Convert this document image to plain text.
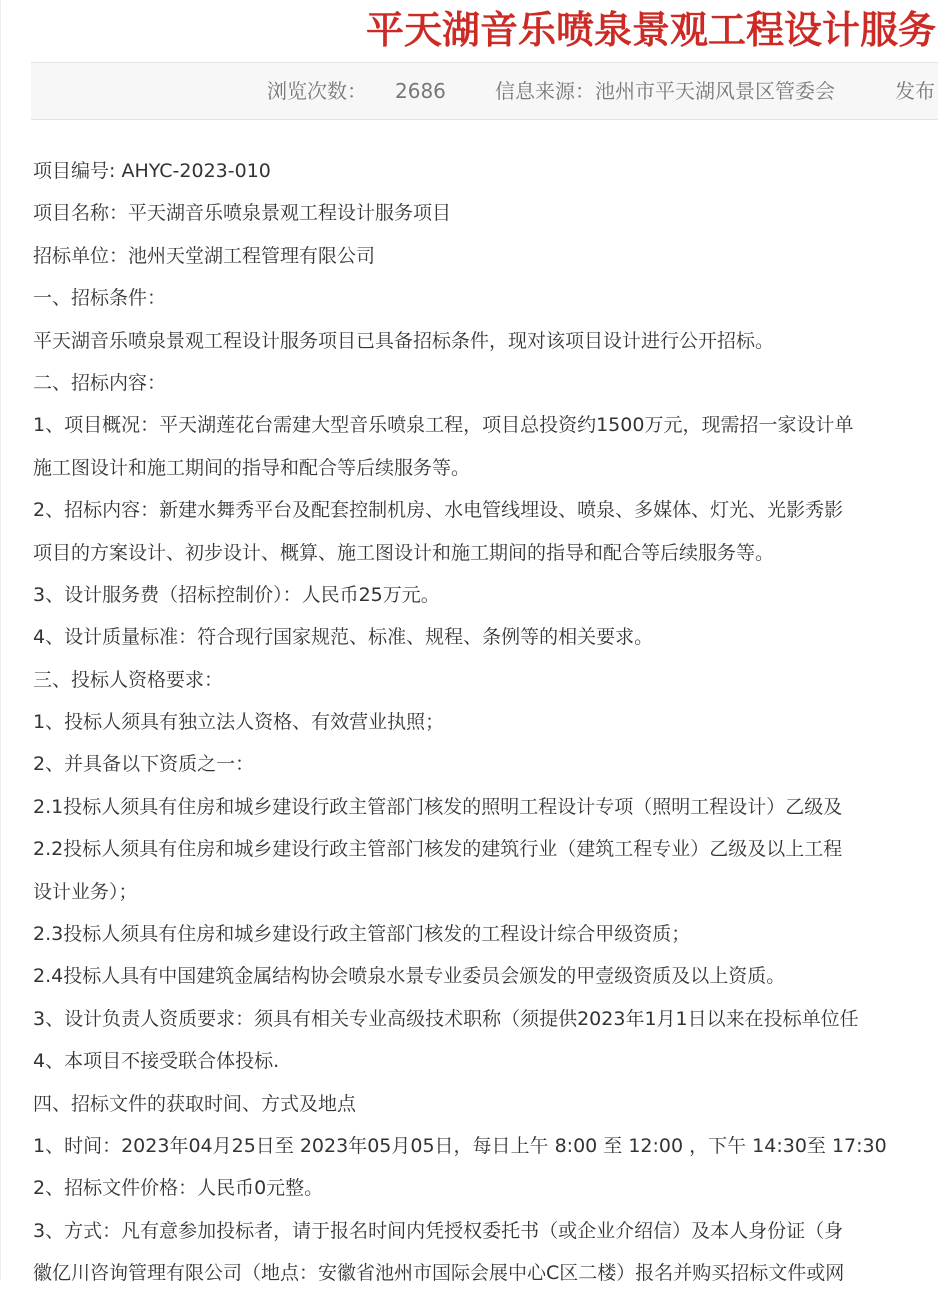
平天湖音乐喷泉景观工程设计服务
浏览次数： 2686 信息来源：池州市平天湖风景区管委会	发布
项目编号: AHYC-2023-010
项目名称：平天湖音乐喷泉景观工程设计服务项目
招标单位：池州天堂湖工程管理有限公司
一、招标条件：
平天湖音乐喷泉景观工程设计服务项目已具备招标条件，现对该项目设计进行公开招标。
二、招标内容：
1、项目概况：平天湖莲花台需建大型音乐喷泉工程，项目总投资约1500万元，现需招一家设计单
施工图设计和施工期间的指导和配合等后续服务等。
2、招标内容：新建水舞秀平台及配套控制机房、水电管线埋设、喷泉、多媒体、灯光、光影秀影
项目的方案设计、初步设计、概算、施工图设计和施工期间的指导和配合等后续服务等。
3、设计服务费（招标控制价）：人民币25万元。
4、设计质量标准：符合现行国家规范、标准、规程、条例等的相关要求。
三、投标人资格要求：
1、投标人须具有独立法人资格、有效营业执照；
2、并具备以下资质之一：
2.1投标人须具有住房和城乡建设行政主管部门核发的照明工程设计专项（照明工程设计）乙级及
2.2投标人须具有住房和城乡建设行政主管部门核发的建筑行业（建筑工程专业）乙级及以上工程
设计业务）；
2.3投标人须具有住房和城乡建设行政主管部门核发的工程设计综合甲级资质；
2.4投标人具有中国建筑金属结构协会喷泉水景专业委员会颁发的甲壹级资质及以上资质。
3、设计负责人资质要求：须具有相关专业高级技术职称（须提供2023年1月1日以来在投标单位任
4、本项目不接受联合体投标.
四、招标文件的获取时间、方式及地点
1、时间：2023年04月25日至 2023年05月05日，每日上午 8:00 至 12:00 ，下午 14:30至 17:30
2、招标文件价格：人民币0元整。
3、方式：凡有意参加投标者，请于报名时间内凭授权委托书（或企业介绍信）及本人身份证（身
徽亿川咨询管理有限公司（地点：安徽省池州市国际会展中心C区二楼）报名并购买招标文件或网
